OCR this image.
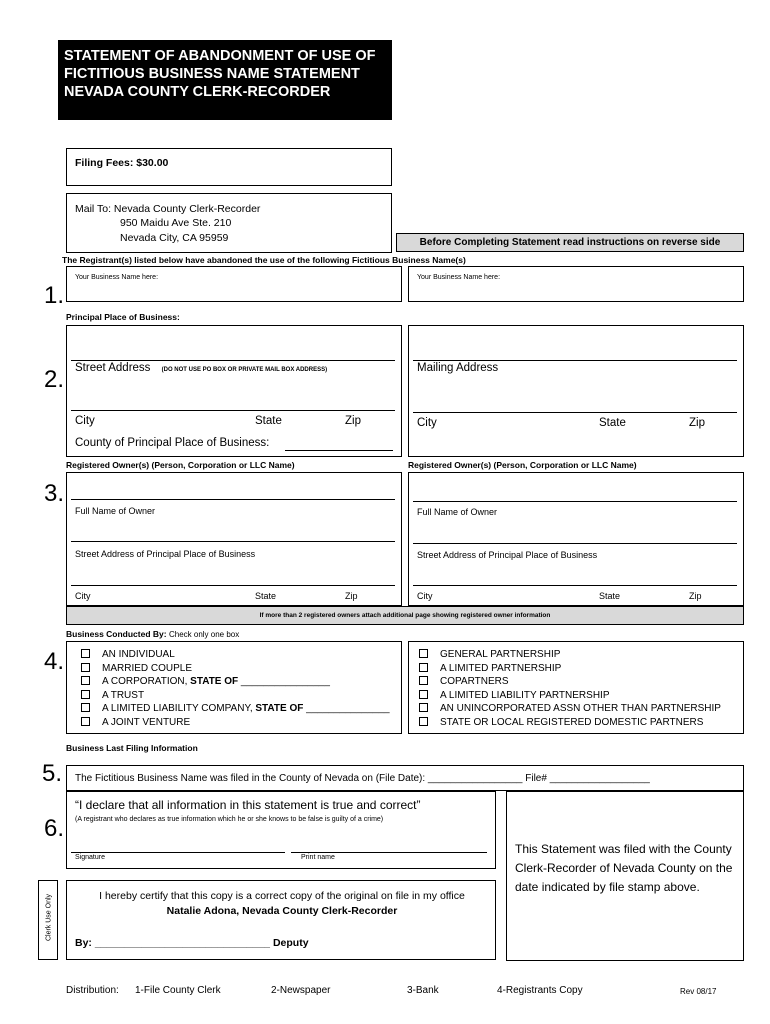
STATEMENT OF ABANDONMENT OF USE OF
FICTITIOUS BUSINESS NAME STATEMENT
NEVADA COUNTY CLERK-RECORDER
Filing Fees: $30.00
Mail To: Nevada County Clerk-Recorder
950 Maidu Ave Ste. 210
Nevada City, CA 95959	Before Completing Statement read instructions on reverse side
The Registrant(s) listed below have abandoned the use of the following Fictitious Business Name(s)
1.
Your Business Name here:	Your Business Name here:
Principal Place of Business:
2. Street Address (DO NOT USE PO BOX OR PRIVATE MAIL BOX ADDRESS)
City	State	Zip
County of Principal Place of Business:
Mailing Address
City	State	Zip
Registered Owner(s) (Person, Corporation or LLC Name)	Registered Owner(s) (Person, Corporation or LLC Name)
3.
Full Name of Owner
Street Address of Principal Place of Business
City	State	Zip
Full Name of Owner
Street Address of Principal Place of Business
City	State	Zip
If more than 2 registered owners attach additional page showing registered owner information
Business Conducted By: Check only one box
4.	AN INDIVIDUAL
MARRIED COUPLE
A CORPORATION, STATE OF ________________
A TRUST
A LIMITED LIABILITY COMPANY, STATE OF _______________
A JOINT VENTURE
GENERAL PARTNERSHIP
A LIMITED PARTNERSHIP
COPARTNERS
A LIMITED LIABILITY PARTNERSHIP
AN UNINCORPORATED ASSN OTHER THAN PARTNERSHIP
STATE OR LOCAL REGISTERED DOMESTIC PARTNERS
Business Last Filing Information
5. The Fictitious Business Name was filed in the County of Nevada on (File Date): _________________ File# __________________
6.
“I declare that all information in this statement is true and correct”
(A registrant who declares as true information which he or she knows to be false is guilty of a crime)
Signature	Print name
This Statement was filed with the County Clerk-Recorder of Nevada County on the date indicated by file stamp above.
Clerk Use Only	I hereby certify that this copy is a correct copy of the original on file in my office
Natalie Adona, Nevada County Clerk-Recorder
By: ______________________________ Deputy
Distribution: 1-File County Clerk	2-Newspaper	3-Bank	4-Registrants Copy	Rev 08/17
